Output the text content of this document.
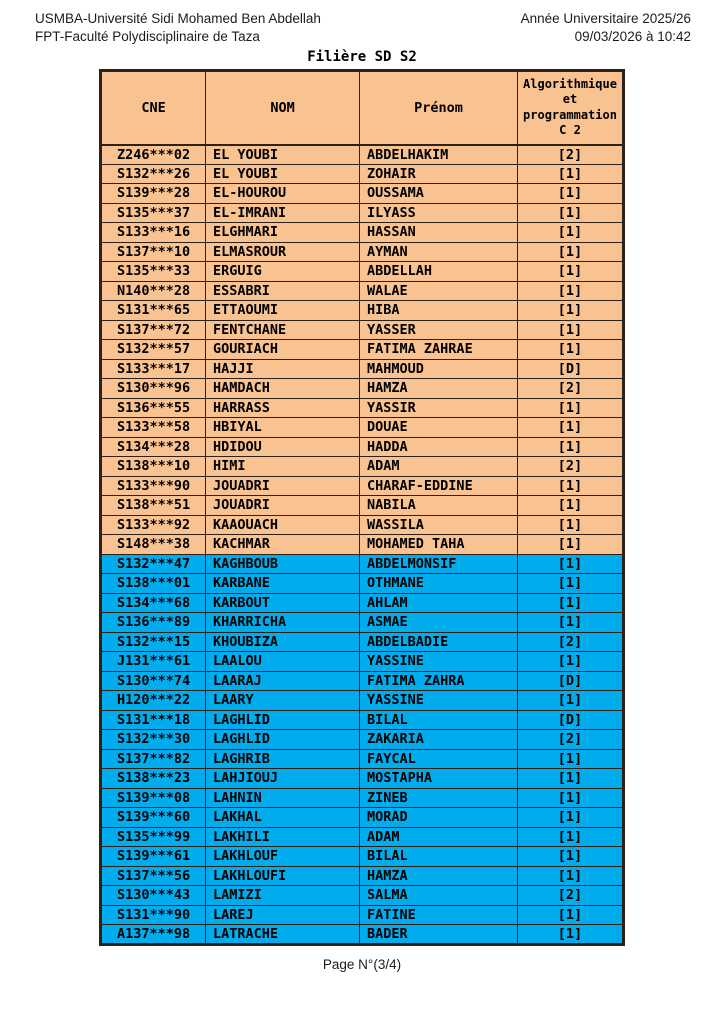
USMBA-Université Sidi Mohamed Ben Abdellah
FPT-Faculté Polydisciplinaire de Taza
Année Universitaire 2025/26
09/03/2026 à 10:42
Filière SD S2
CNE	NOM	Prénom	Algorithmique et programmation C 2
Z246***02	EL YOUBI	ABDELHAKIM	[2]
S132***26	EL YOUBI	ZOHAIR	[1]
S139***28	EL-HOUROU	OUSSAMA	[1]
S135***37	EL-IMRANI	ILYASS	[1]
S133***16	ELGHMARI	HASSAN	[1]
S137***10	ELMASROUR	AYMAN	[1]
S135***33	ERGUIG	ABDELLAH	[1]
N140***28	ESSABRI	WALAE	[1]
S131***65	ETTAOUMI	HIBA	[1]
S137***72	FENTCHANE	YASSER	[1]
S132***57	GOURIACH	FATIMA ZAHRAE	[1]
S133***17	HAJJI	MAHMOUD	[D]
S130***96	HAMDACH	HAMZA	[2]
S136***55	HARRASS	YASSIR	[1]
S133***58	HBIYAL	DOUAE	[1]
S134***28	HDIDOU	HADDA	[1]
S138***10	HIMI	ADAM	[2]
S133***90	JOUADRI	CHARAF-EDDINE	[1]
S138***51	JOUADRI	NABILA	[1]
S133***92	KAAOUACH	WASSILA	[1]
S148***38	KACHMAR	MOHAMED TAHA	[1]
S132***47	KAGHBOUB	ABDELMONSIF	[1]
S138***01	KARBANE	OTHMANE	[1]
S134***68	KARBOUT	AHLAM	[1]
S136***89	KHARRICHA	ASMAE	[1]
S132***15	KHOUBIZA	ABDELBADIE	[2]
J131***61	LAALOU	YASSINE	[1]
S130***74	LAARAJ	FATIMA ZAHRA	[D]
H120***22	LAARY	YASSINE	[1]
S131***18	LAGHLID	BILAL	[D]
S132***30	LAGHLID	ZAKARIA	[2]
S137***82	LAGHRIB	FAYCAL	[1]
S138***23	LAHJIOUJ	MOSTAPHA	[1]
S139***08	LAHNIN	ZINEB	[1]
S139***60	LAKHAL	MORAD	[1]
S135***99	LAKHILI	ADAM	[1]
S139***61	LAKHLOUF	BILAL	[1]
S137***56	LAKHLOUFI	HAMZA	[1]
S130***43	LAMIZI	SALMA	[2]
S131***90	LAREJ	FATINE	[1]
A137***98	LATRACHE	BADER	[1]
Page N°(3/4)
